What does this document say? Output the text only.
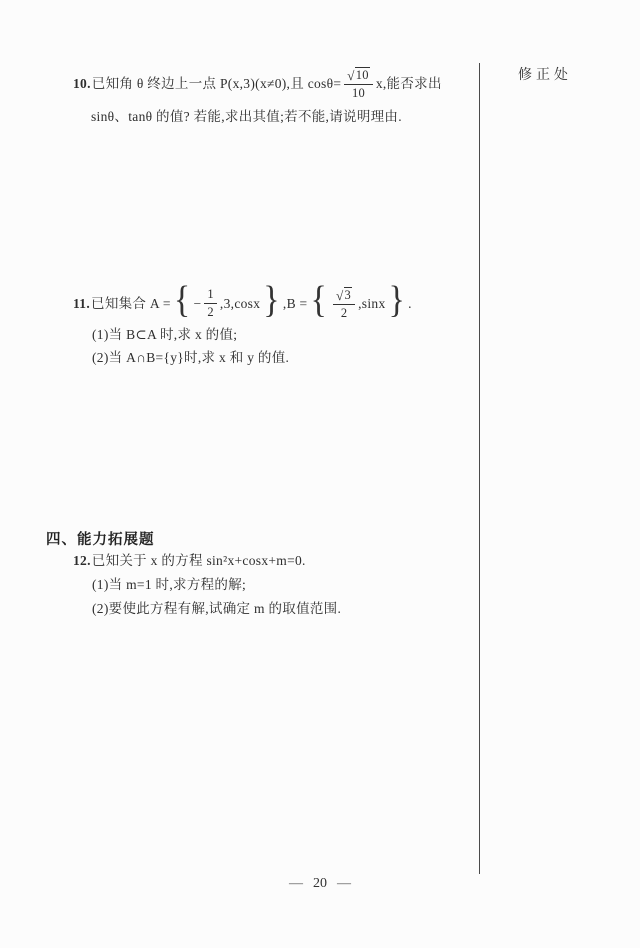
修正处
10. 已知角 θ 终边上一点 P(x,3)(x≠0),且 $\cos\theta= \frac{√ 10}{10} x$,能否求出
sinθ、tanθ 的值? 若能,求出其值;若不能,请说明理由.
11. 已知集合 A = { − $\frac{1}{2} ,3,\cos x$ } ,B = { $\frac{√ 3}{2} ,\sin x$ } .
(1)当 B⊂A 时,求 x 的值;
(2)当 A∩B={y}时,求 x 和 y 的值.
四、能力拓展题
12. 已知关于 x 的方程 sin²x+cosx+m=0.
(1)当 m=1 时,求方程的解;
(2)要使此方程有解,试确定 m 的取值范围.
— 20 —
